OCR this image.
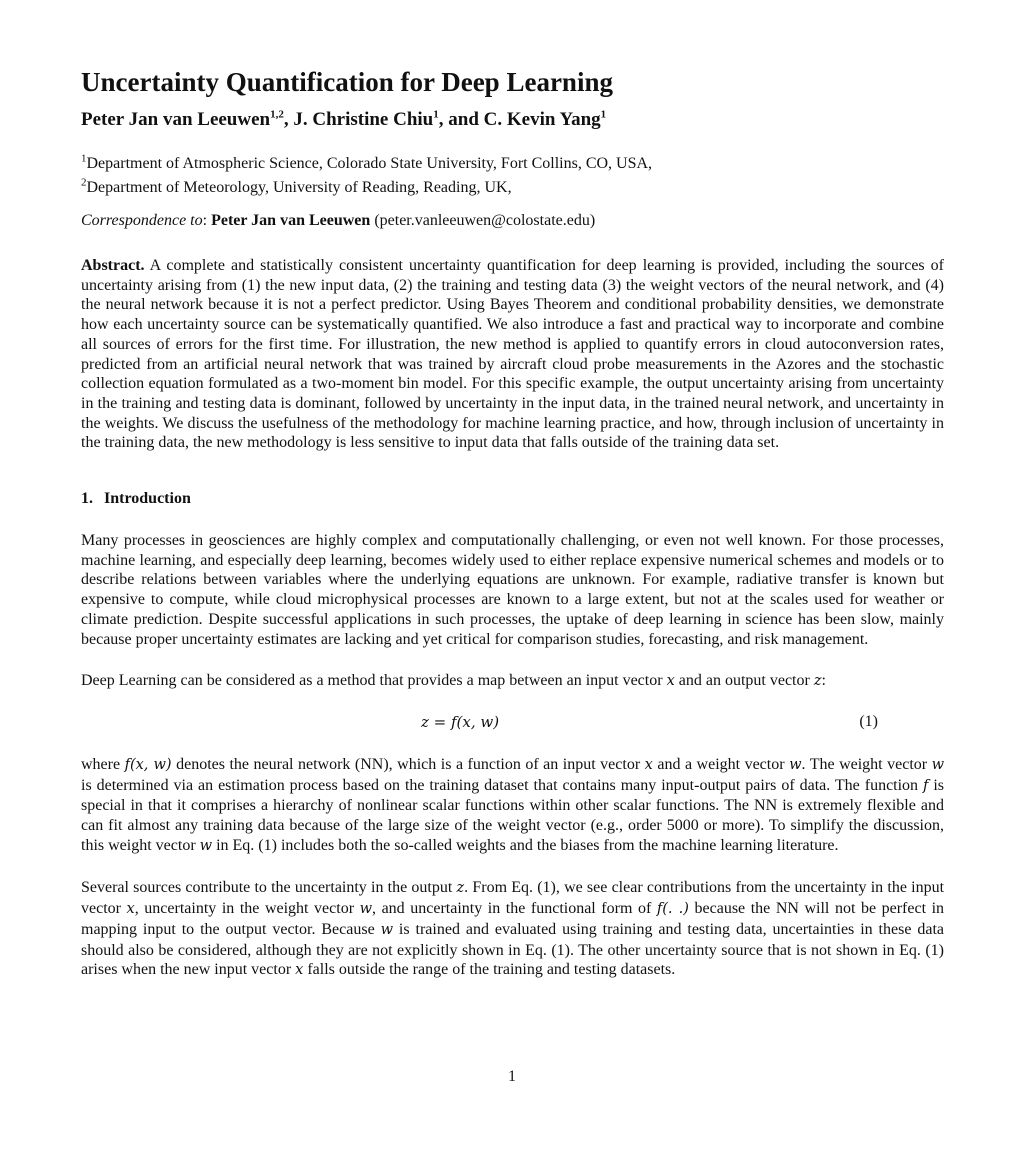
Uncertainty Quantification for Deep Learning
Peter Jan van Leeuwen$^{1,2}$, J. Christine Chiu$^1$, and C. Kevin Yang$^1$
$^1$Department of Atmospheric Science, Colorado State University, Fort Collins, CO, USA,
$^2$Department of Meteorology, University of Reading, Reading, UK,
Correspondence to: Peter Jan van Leeuwen (peter.vanleeuwen@colostate.edu)
Abstract. A complete and statistically consistent uncertainty quantification for deep learning is provided, including the sources of uncertainty arising from (1) the new input data, (2) the training and testing data (3) the weight vectors of the neural network, and (4) the neural network because it is not a perfect predictor. Using Bayes Theorem and conditional probability densities, we demonstrate how each uncertainty source can be systematically quantified. We also introduce a fast and practical way to incorporate and combine all sources of errors for the first time. For illustration, the new method is applied to quantify errors in cloud autoconversion rates, predicted from an artificial neural network that was trained by aircraft cloud probe measurements in the Azores and the stochastic collection equation formulated as a two-moment bin model. For this specific example, the output uncertainty arising from uncertainty in the training and testing data is dominant, followed by uncertainty in the input data, in the trained neural network, and uncertainty in the weights. We discuss the usefulness of the methodology for machine learning practice, and how, through inclusion of uncertainty in the training data, the new methodology is less sensitive to input data that falls outside of the training data set.
1. Introduction
Many processes in geosciences are highly complex and computationally challenging, or even not well known. For those processes, machine learning, and especially deep learning, becomes widely used to either replace expensive numerical schemes and models or to describe relations between variables where the underlying equations are unknown. For example, radiative transfer is known but expensive to compute, while cloud microphysical processes are known to a large extent, but not at the scales used for weather or climate prediction. Despite successful applications in such processes, the uptake of deep learning in science has been slow, mainly because proper uncertainty estimates are lacking and yet critical for comparison studies, forecasting, and risk management.
Deep Learning can be considered as a method that provides a map between an input vector x and an output vector z:
z = f(x, w)	(1)
where f(x, w) denotes the neural network (NN), which is a function of an input vector x and a weight vector w. The weight vector w is determined via an estimation process based on the training dataset that contains many input-output pairs of data. The function f is special in that it comprises a hierarchy of nonlinear scalar functions within other scalar functions. The NN is extremely flexible and can fit almost any training data because of the large size of the weight vector (e.g., order 5000 or more). To simplify the discussion, this weight vector w in Eq. (1) includes both the so-called weights and the biases from the machine learning literature.
Several sources contribute to the uncertainty in the output z. From Eq. (1), we see clear contributions from the uncertainty in the input vector x, uncertainty in the weight vector w, and uncertainty in the functional form of f(. .) because the NN will not be perfect in mapping input to the output vector. Because w is trained and evaluated using training and testing data, uncertainties in these data should also be considered, although they are not explicitly shown in Eq. (1). The other uncertainty source that is not shown in Eq. (1) arises when the new input vector x falls outside the range of the training and testing datasets.
1
